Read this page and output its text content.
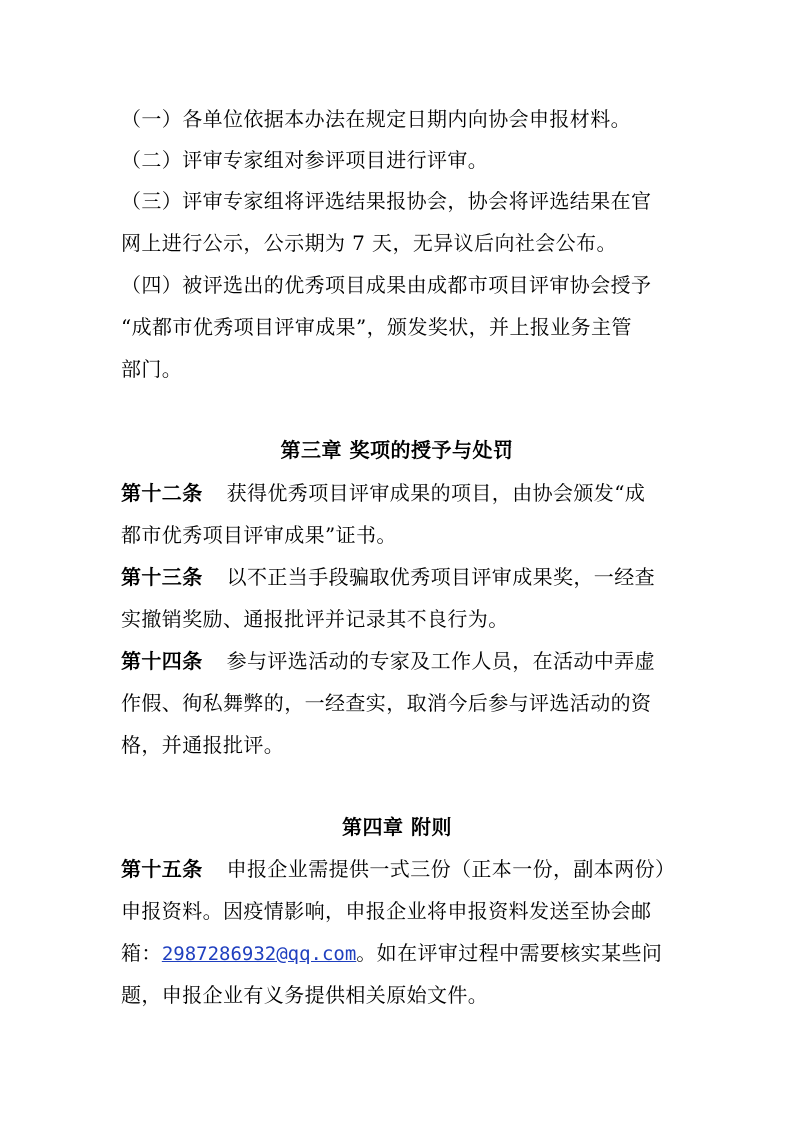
（一）各单位依据本办法在规定日期内向协会申报材料。
（二）评审专家组对参评项目进行评审。
（三）评审专家组将评选结果报协会，协会将评选结果在官
网上进行公示，公示期为 7 天，无异议后向社会公布。
（四）被评选出的优秀项目成果由成都市项目评审协会授予
“成都市优秀项目评审成果”，颁发奖状，并上报业务主管
部门。
第三章 奖项的授予与处罚
第十二条 获得优秀项目评审成果的项目，由协会颁发“成
都市优秀项目评审成果”证书。
第十三条 以不正当手段骗取优秀项目评审成果奖，一经查
实撤销奖励、通报批评并记录其不良行为。
第十四条 参与评选活动的专家及工作人员，在活动中弄虚
作假、徇私舞弊的，一经查实，取消今后参与评选活动的资
格，并通报批评。
第四章 附则
第十五条 申报企业需提供一式三份（正本一份，副本两份）
申报资料。因疫情影响，申报企业将申报资料发送至协会邮
箱：2987286932@qq.com。如在评审过程中需要核实某些问
题，申报企业有义务提供相关原始文件。
